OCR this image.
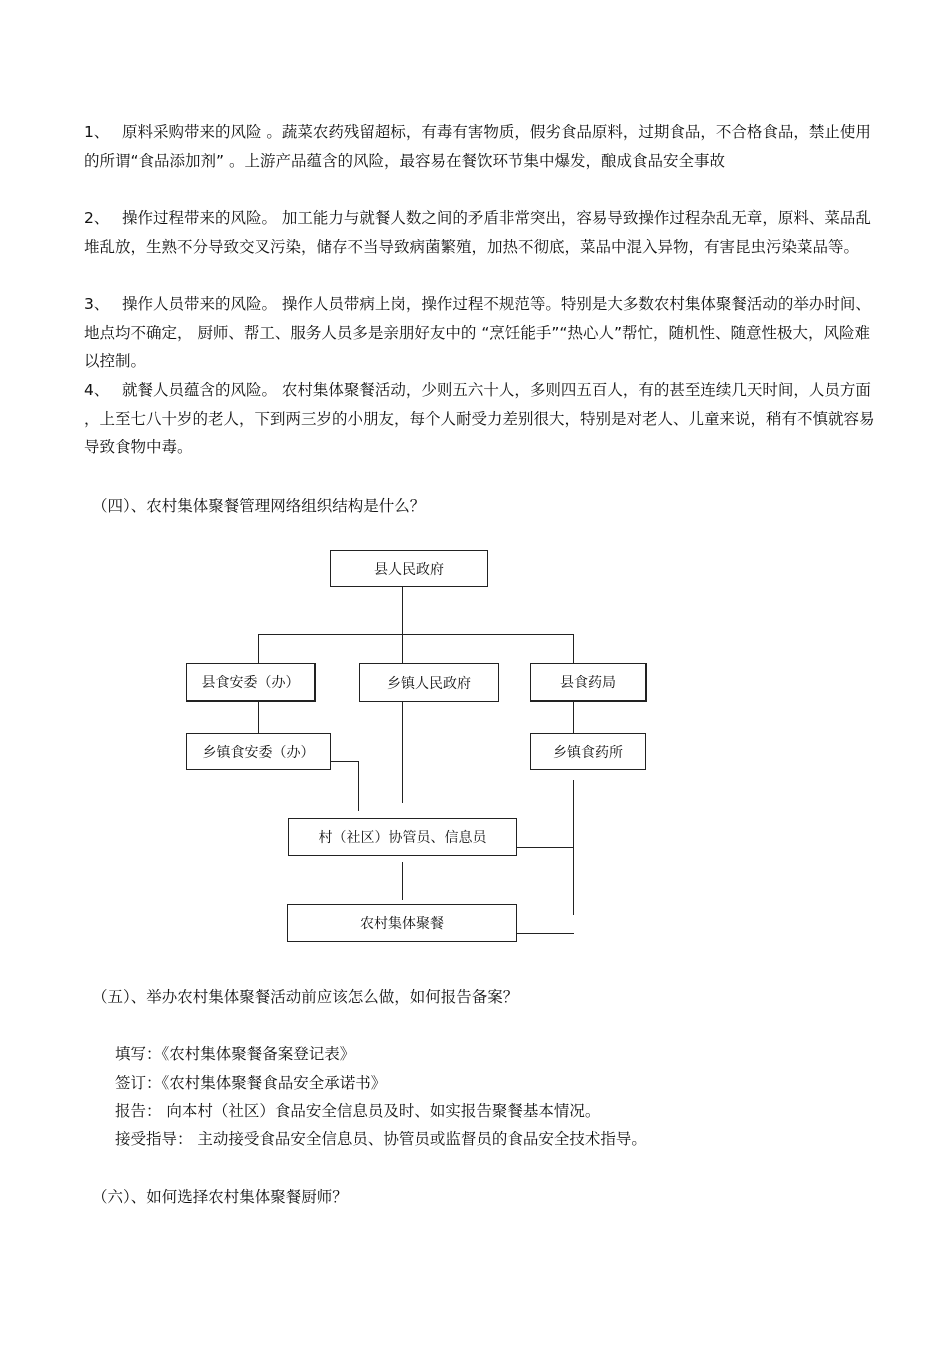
1、 原料采购带来的风险 。蔬菜农药残留超标，有毒有害物质，假劣食品原料，过期食品，不合格食品，禁止使用的所谓“食品添加剂” 。上游产品蕴含的风险，最容易在餐饮环节集中爆发，酿成食品安全事故

2、 操作过程带来的风险。 加工能力与就餐人数之间的矛盾非常突出，容易导致操作过程杂乱无章，原料、菜品乱堆乱放，生熟不分导致交叉污染，储存不当导致病菌繁殖，加热不彻底，菜品中混入异物，有害昆虫污染菜品等。

3、 操作人员带来的风险。 操作人员带病上岗，操作过程不规范等。特别是大多数农村集体聚餐活动的举办时间、 地点均不确定， 厨师、帮工、服务人员多是亲朋好友中的 “烹饪能手”“热心人”帮忙，随机性、随意性极大，风险难以控制。

4、 就餐人员蕴含的风险。 农村集体聚餐活动，少则五六十人，多则四五百人，有的甚至连续几天时间，人员方面 ，上至七八十岁的老人，下到两三岁的小朋友，每个人耐受力差别很大，特别是对老人、儿童来说，稍有不慎就容易导致食物中毒。

（四）、农村集体聚餐管理网络组织结构是什么？

县人民政府
县食安委（办）	乡镇人民政府	县食药局
乡镇食安委（办）	乡镇食药所
村（社区）协管员、信息员
农村集体聚餐

（五）、举办农村集体聚餐活动前应该怎么做，如何报告备案？

填写：《农村集体聚餐备案登记表》

签订：《农村集体聚餐食品安全承诺书》

报告： 向本村（社区）食品安全信息员及时、如实报告聚餐基本情况。

接受指导： 主动接受食品安全信息员、协管员或监督员的食品安全技术指导。

（六）、如何选择农村集体聚餐厨师？
